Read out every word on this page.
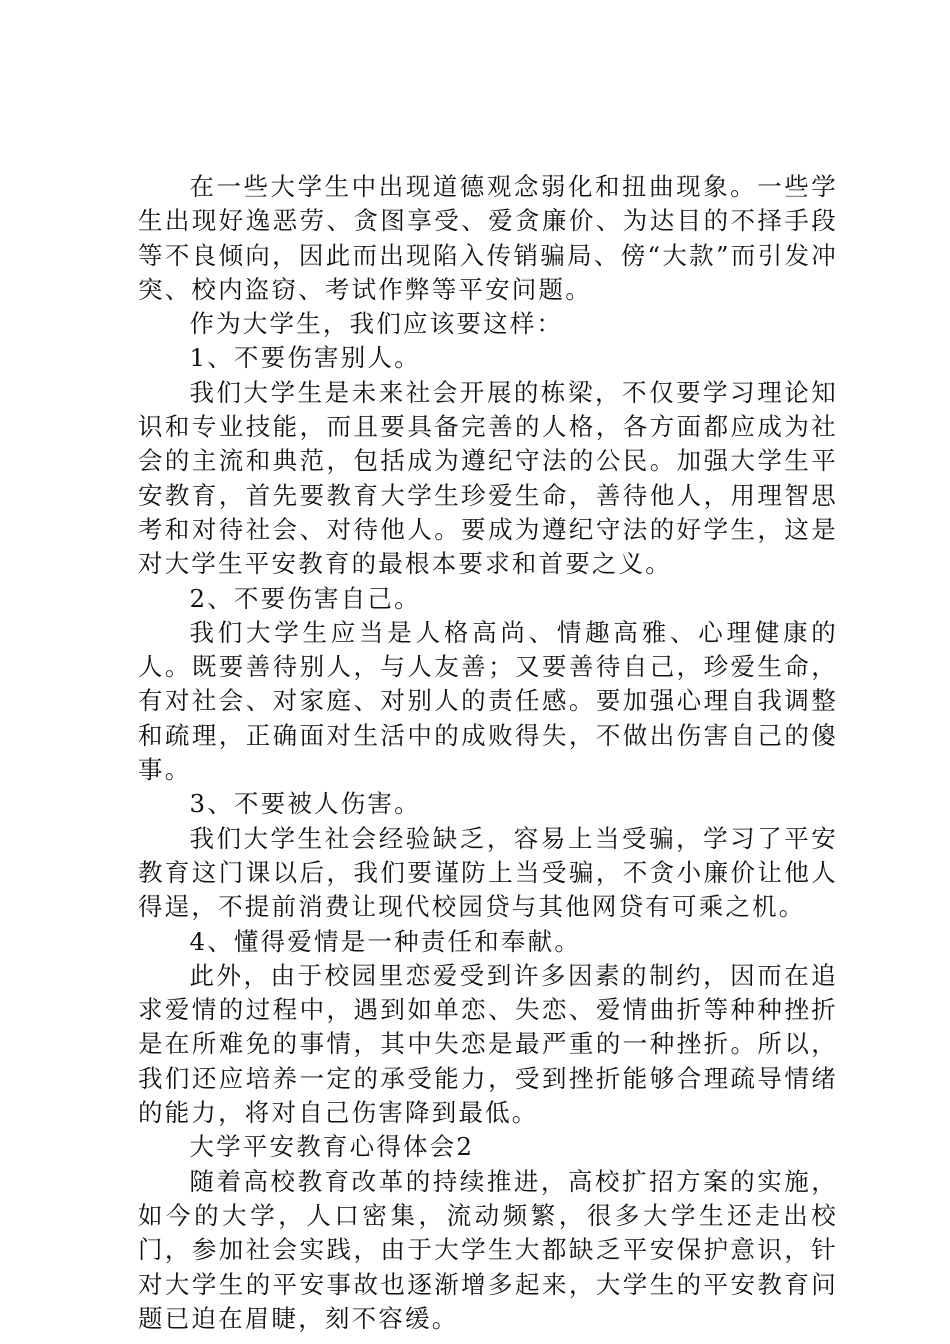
在一些大学生中出现道德观念弱化和扭曲现象。一些学生出现好逸恶劳、贪图享受、爱贪廉价、为达目的不择手段等不良倾向，因此而出现陷入传销骗局、傍“大款”而引发冲突、校内盗窃、考试作弊等平安问题。

作为大学生，我们应该要这样：

1、不要伤害别人。

我们大学生是未来社会开展的栋梁，不仅要学习理论知识和专业技能，而且要具备完善的人格，各方面都应成为社会的主流和典范，包括成为遵纪守法的公民。加强大学生平安教育，首先要教育大学生珍爱生命，善待他人，用理智思考和对待社会、对待他人。要成为遵纪守法的好学生，这是对大学生平安教育的最根本要求和首要之义。

2、不要伤害自己。

我们大学生应当是人格高尚、情趣高雅、心理健康的人。既要善待别人，与人友善；又要善待自己，珍爱生命，有对社会、对家庭、对别人的责任感。要加强心理自我调整和疏理，正确面对生活中的成败得失，不做出伤害自己的傻事。

3、不要被人伤害。

我们大学生社会经验缺乏，容易上当受骗，学习了平安教育这门课以后，我们要谨防上当受骗，不贪小廉价让他人得逞，不提前消费让现代校园贷与其他网贷有可乘之机。

4、懂得爱情是一种责任和奉献。

此外，由于校园里恋爱受到许多因素的制约，因而在追求爱情的过程中，遇到如单恋、失恋、爱情曲折等种种挫折是在所难免的事情，其中失恋是最严重的一种挫折。所以，我们还应培养一定的承受能力，受到挫折能够合理疏导情绪的能力，将对自己伤害降到最低。

大学平安教育心得体会2

随着高校教育改革的持续推进，高校扩招方案的实施，如今的大学，人口密集，流动频繁，很多大学生还走出校门，参加社会实践，由于大学生大都缺乏平安保护意识，针对大学生的平安事故也逐渐增多起来，大学生的平安教育问题已迫在眉睫，刻不容缓。
